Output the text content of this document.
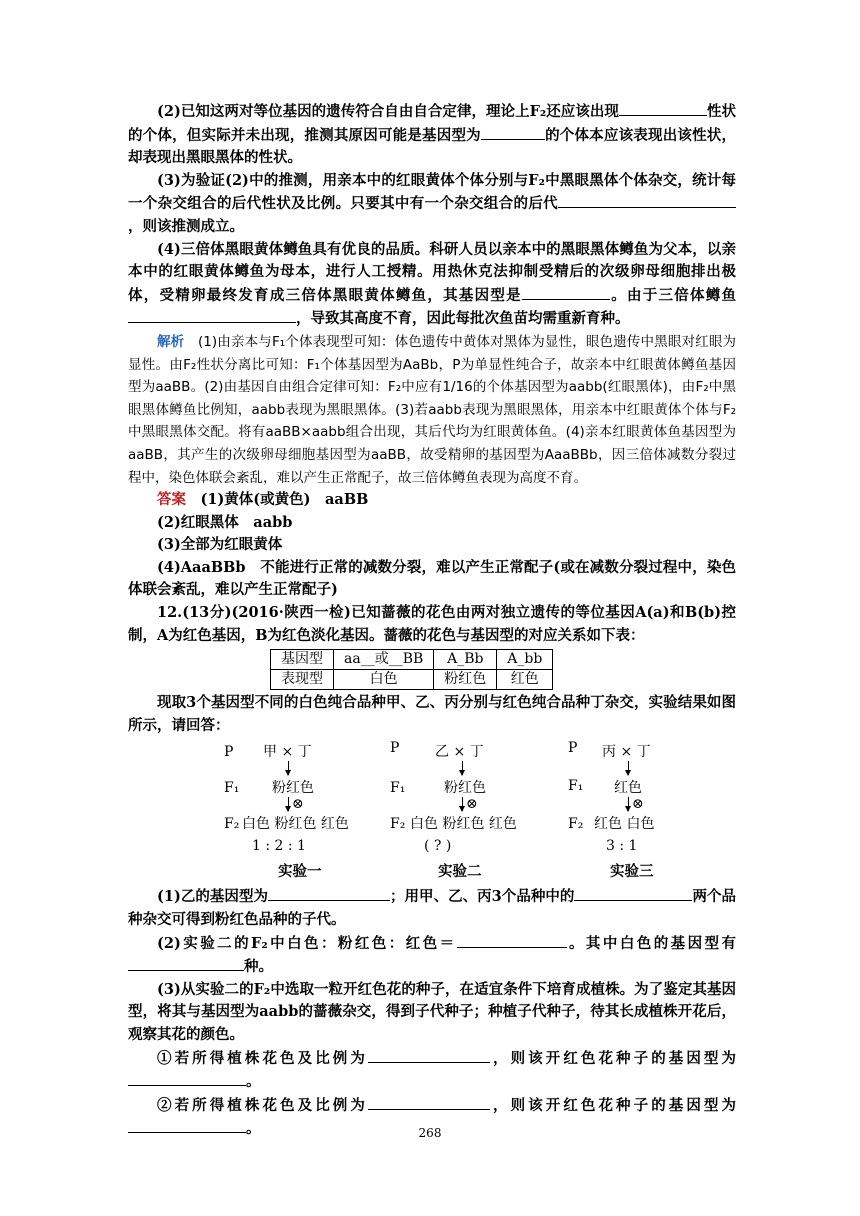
(2)已知这两对等位基因的遗传符合自由自合定律，理论上F₂还应该出现	性状的个体，但实际并未出现，推测其原因可能是基因型为	的个体本应该表现出该性状，却表现出黑眼黑体的性状。

(3)为验证(2)中的推测，用亲本中的红眼黄体个体分别与F₂中黑眼黑体个体杂交，统计每一个杂交组合的后代性状及比例。只要其中有一个杂交组合的后代，则该推测成立。

(4)三倍体黑眼黄体鳟鱼具有优良的品质。科研人员以亲本中的黑眼黑体鳟鱼为父本，以亲本中的红眼黄体鳟鱼为母本，进行人工授精。用热休克法抑制受精后的次级卵母细胞排出极体，受精卵最终发育成三倍体黑眼黄体鳟鱼，其基因型是	。由于三倍体鳟鱼，导致其高度不育，因此每批次鱼苗均需重新育种。

解析　 (1)由亲本与F₁个体表现型可知：体色遗传中黄体对黑体为显性，眼色遗传中黑眼对红眼为显性。由F₂性状分离比可知：F₁个体基因型为AaBb，P为单显性纯合子，故亲本中红眼黄体鳟鱼基因型为aaBB。(2)由基因自由组合定律可知：F₂中应有1/16的个体基因型为aabb(红眼黑体)，由F₂中黑眼黑体鳟鱼比例知，aabb表现为黑眼黑体。(3)若aabb表现为黑眼黑体，用亲本中红眼黄体个体与F₂中黑眼黑体交配。将有aaBB×aabb组合出现，其后代均为红眼黄体鱼。(4)亲本红眼黄体鱼基因型为aaBB，其产生的次级卵母细胞基因型为aaBB，故受精卵的基因型为AaaBBb，因三倍体减数分裂过程中，染色体联会紊乱，难以产生正常配子，故三倍体鳟鱼表现为高度不育。

答案　 (1)黄体(或黄色)　aaBB

(2)红眼黑体　aabb

(3)全部为红眼黄体

(4)AaaBBb　不能进行正常的减数分裂，难以产生正常配子(或在减数分裂过程中，染色体联会紊乱，难以产生正常配子)

12.(13分)(2016·陕西一检)已知蔷薇的花色由两对独立遗传的等位基因A(a)和B(b)控制，A为红色基因，B为红色淡化基因。蔷薇的花色与基因型的对应关系如下表：

基因型	aa__或__BB	A_Bb	A_bb
表现型	白色	粉红色	红色

现取3个基因型不同的白色纯合品种甲、乙、丙分别与红色纯合品种丁杂交，实验结果如图所示，请回答：

P 甲 × 丁
F₁ 粉红色
⊗
F₂ 白色 粉红色 红色
1 : 2 : 1
P	乙 × 丁
F₁	粉红色
⊗
F₂ 白色 粉红色 红色
( ? )
P 丙 × 丁
F₁ 红色
⊗
F₂ 红色 白色
3 : 1
实验一	实验二	实验三

(1)乙的基因型为	；用甲、乙、丙3个品种中的	两个品种杂交可得到粉红色品种的子代。

(2)实验二的F₂中白色：粉红色：红色＝	。其中白色的基因型有种。

(3)从实验二的F₂中选取一粒开红色花的种子，在适宜条件下培育成植株。为了鉴定其基因型，将其与基因型为aabb的蔷薇杂交，得到子代种子；种植子代种子，待其长成植株开花后，观察其花的颜色。

①若所得植株花色及比例为	，则该开红色花种子的基因型为。

②若所得植株花色及比例为	，则该开红色花种子的基因型为。	268
